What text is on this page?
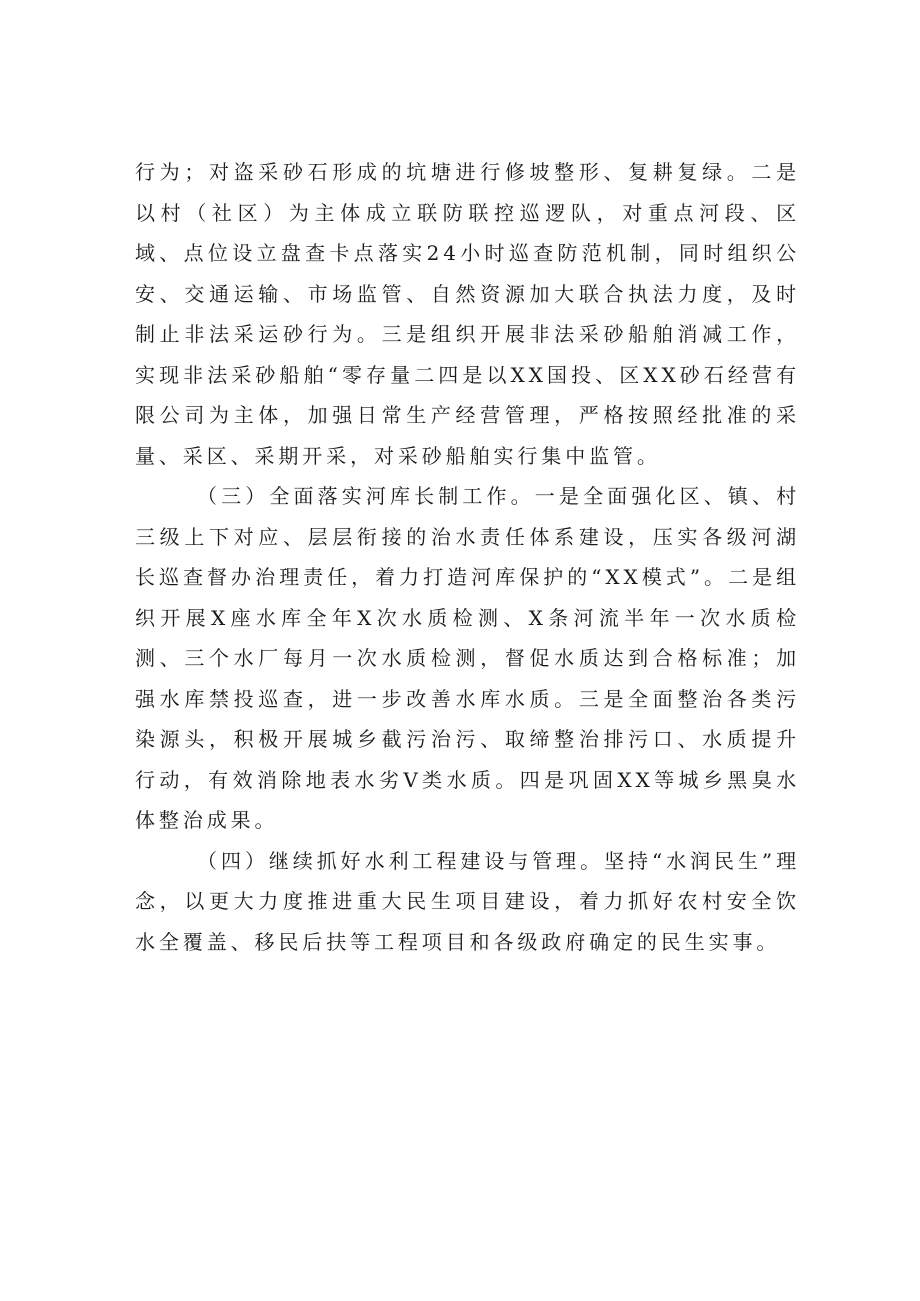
行为；对盗采砂石形成的坑塘进行修坡整形、复耕复绿。二是以村（社区）为主体成立联防联控巡逻队，对重点河段、区域、点位设立盘查卡点落实24小时巡查防范机制，同时组织公安、交通运输、市场监管、自然资源加大联合执法力度，及时制止非法采运砂行为。三是组织开展非法采砂船舶消减工作，实现非法采砂船舶“零存量二四是以XX国投、区XX砂石经营有限公司为主体，加强日常生产经营管理，严格按照经批准的采量、采区、采期开采，对采砂船舶实行集中监管。

（三）全面落实河库长制工作。一是全面强化区、镇、村三级上下对应、层层衔接的治水责任体系建设，压实各级河湖长巡查督办治理责任，着力打造河库保护的“XX模式”。二是组织开展X座水库全年X次水质检测、X条河流半年一次水质检测、三个水厂每月一次水质检测，督促水质达到合格标准；加强水库禁投巡查，进一步改善水库水质。三是全面整治各类污染源头，积极开展城乡截污治污、取缔整治排污口、水质提升行动，有效消除地表水劣V类水质。四是巩固XX等城乡黑臭水体整治成果。

（四）继续抓好水利工程建设与管理。坚持“水润民生”理念，以更大力度推进重大民生项目建设，着力抓好农村安全饮水全覆盖、移民后扶等工程项目和各级政府确定的民生实事。
